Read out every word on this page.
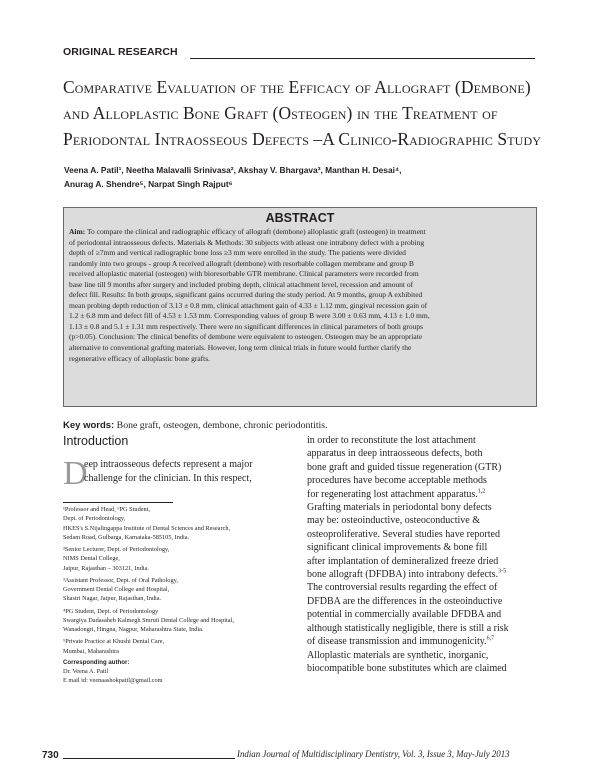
ORIGINAL RESEARCH
Comparative Evaluation of the Efficacy of Allograft (Dembone)
and Alloplastic Bone Graft (Osteogen) in the Treatment of
Periodontal Intraosseous Defects –A Clinico-Radiographic Study
Veena A. Patil¹, Neetha Malavalli Srinivasa², Akshay V. Bhargava³, Manthan H. Desai⁴,
Anurag A. Shendre⁵, Narpat Singh Rajput⁶
ABSTRACT
Aim: To compare the clinical and radiographic efficacy of allograft (dembone) alloplastic graft (osteogen) in treatment
of periodontal intraosseous defects. Materials & Methods: 30 subjects with atleast one intrabony defect with a probing
depth of ≥7mm and vertical radiographic bone loss ≥3 mm were enrolled in the study. The patients were divided
randomly into two groups - group A received allograft (dembone) with resorbable collagen membrane and group B
received alloplastic material (osteogen) with bioresorbable GTR membrane. Clinical parameters were recorded from
base line till 9 months after surgery and included probing depth, clinical attachment level, recession and amount of
defect fill. Results: In both groups, significant gains occurred during the study period. At 9 months, group A exhibited
mean probing depth reduction of 3.13 ± 0.8 mm, clinical attachment gain of 4.33 ± 1.12 mm, gingival recession gain of
1.2 ± 6.8 mm and defect fill of 4.53 ± 1.53 mm. Corresponding values of group B were 3.00 ± 0.63 mm, 4.13 ± 1.0 mm,
1.13 ± 0.8 and 5.1 ± 1.31 mm respectively. There were no significant differences in clinical parameters of both groups
(p>0.05). Conclusion: The clinical benefits of dembone were equivalent to osteogen. Osteogen may be an appropriate
alternative to conventional grafting materials. However, long term clinical trials in future would further clarify the
regenerative efficacy of alloplastic bone grafts.
Key words: Bone graft, osteogen, dembone, chronic periodontitis.
Introduction
D
eep intraosseous defects represent a major
challenge for the clinician. In this respect,
¹Professor and Head, ⁶PG Student,
Dept. of Periodontology,
HKES's S.Nijalingappa Institute of Dental Sciences and Research,
Sedam Road, Gulbarga, Karnataka-585105, India.
²Senior Lecturer, Dept. of Periodontology,
NIMS Dental College,
Jaipur, Rajasthan – 303121, India.
³Assistant Professor, Dept. of Oral Pathology,
Government Dental College and Hospital,
Shastri Nagar, Jaipur, Rajasthan, India.
⁴PG Student, Dept. of Periodontology
Swargiya Dadasaheb Kalmegh Smruti Dental College and Hospital,
Wanadongri, Hingna, Nagpur, Maharashtra State, India.
⁵Private Practice at Khushi Dental Care,
Mumbai, Maharashtra
Corresponding author:
Dr. Veena A. Patil
E mail id: veenaashokpatil@gmail.com
in order to reconstitute the lost attachment
apparatus in deep intraosseous defects, both
bone graft and guided tissue regeneration (GTR)
procedures have become acceptable methods
for regenerating lost attachment apparatus.$^{1,2}$
Grafting materials in periodontal bony defects
may be: osteoinductive, osteoconductive &
osteoproliferative. Several studies have reported
significant clinical improvements & bone fill
after implantation of demineralized freeze dried
bone allograft (DFDBA) into intrabony defects.$^{3-5}$
The controversial results regarding the effect of
DFDBA are the differences in the osteoinductive
potential in commercially available DFDBA and
although statistically negligible, there is still a risk
of disease transmission and immunogenicity.$^{6,7}$
Alloplastic materials are synthetic, inorganic,
biocompatible bone substitutes which are claimed
730	Indian Journal of Multidisciplinary Dentistry, Vol. 3, Issue 3, May-July 2013
